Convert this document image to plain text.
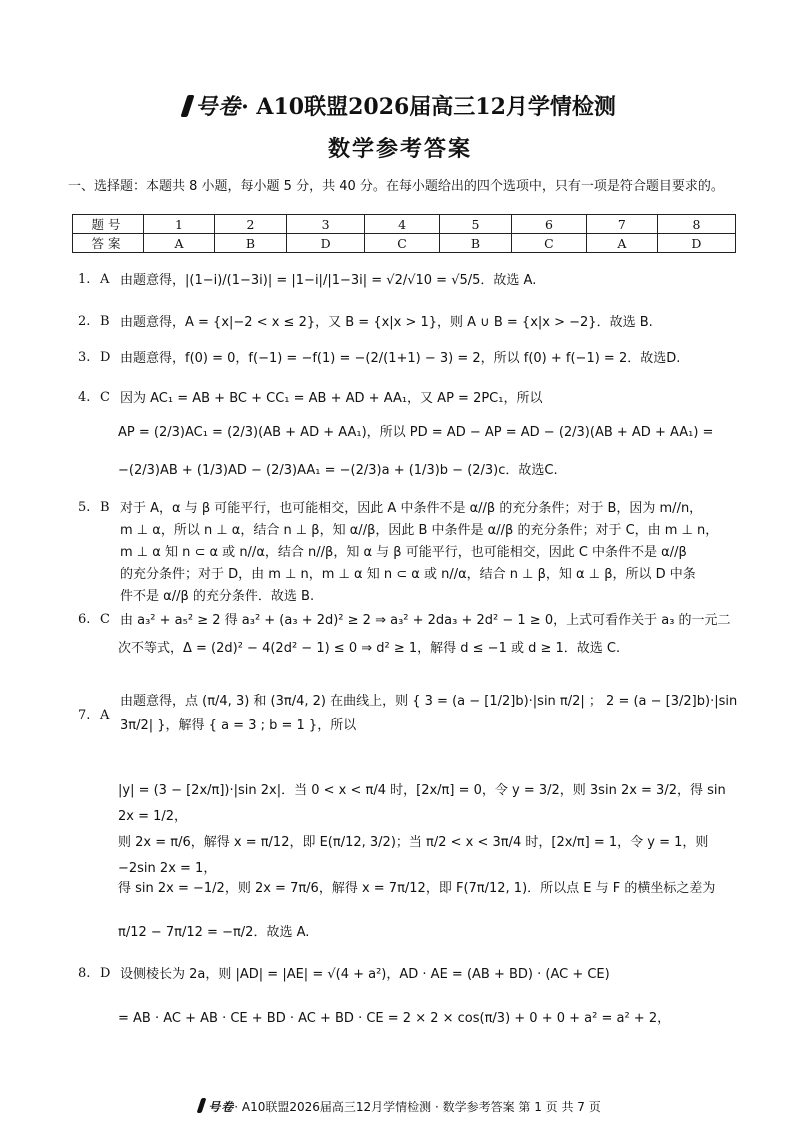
号卷· A10联盟2026届高三12月学情检测
数学参考答案
一、选择题：本题共 8 小题，每小题 5 分，共 40 分。在每小题给出的四个选项中，只有一项是符合题目要求的。
题号	1	2	3	4	5	6	7	8
答案	A	B	D	C	B	C	A	D
1. A 由题意得，|(1−i)/(1−3i)| = |1−i|/|1−3i| = √2/√10 = √5/5．故选 A.
2. B 由题意得，A = {x|−2 < x ≤ 2}，又 B = {x|x > 1}，则 A ∪ B = {x|x > −2}．故选 B.
3. D 由题意得，f(0) = 0，f(−1) = −f(1) = −(2/(1+1) − 3) = 2，所以 f(0) + f(−1) = 2．故选D.
4. C 因为 AC₁ = AB + BC + CC₁ = AB + AD + AA₁，又 AP = 2PC₁，所以
AP = (2/3)AC₁ = (2/3)(AB + AD + AA₁)，所以 PD = AD − AP = AD − (2/3)(AB + AD + AA₁) =
−(2/3)AB + (1/3)AD − (2/3)AA₁ = −(2/3)a + (1/3)b − (2/3)c．故选C.
5. B 对于 A，α 与 β 可能平行，也可能相交，因此 A 中条件不是 α//β 的充分条件；对于 B，因为 m//n，
m ⊥ α，所以 n ⊥ α，结合 n ⊥ β，知 α//β，因此 B 中条件是 α//β 的充分条件；对于 C，由 m ⊥ n，
m ⊥ α 知 n ⊂ α 或 n//α，结合 n//β，知 α 与 β 可能平行，也可能相交，因此 C 中条件不是 α//β
的充分条件；对于 D，由 m ⊥ n，m ⊥ α 知 n ⊂ α 或 n//α，结合 n ⊥ β，知 α ⊥ β，所以 D 中条
件不是 α//β 的充分条件．故选 B.
6. C 由 a₃² + a₅² ≥ 2 得 a₃² + (a₃ + 2d)² ≥ 2 ⇒ a₃² + 2da₃ + 2d² − 1 ≥ 0，上式可看作关于 a₃ 的一元二
次不等式，Δ = (2d)² − 4(2d² − 1) ≤ 0 ⇒ d² ≥ 1，解得 d ≤ −1 或 d ≥ 1．故选 C.
7. A
由题意得，点 (π/4, 3) 和 (3π/4, 2) 在曲线上，则 { 3 = (a − [1/2]b)·|sin π/2| ； 2 = (a − [3/2]b)·|sin 3π/2| }，解得 { a = 3 ; b = 1 }，所以
|y| = (3 − [2x/π])·|sin 2x|．当 0 < x < π/4 时，[2x/π] = 0，令 y = 3/2，则 3sin 2x = 3/2，得 sin 2x = 1/2，
则 2x = π/6，解得 x = π/12，即 E(π/12, 3/2)；当 π/2 < x < 3π/4 时，[2x/π] = 1，令 y = 1，则 −2sin 2x = 1，
得 sin 2x = −1/2，则 2x = 7π/6，解得 x = 7π/12，即 F(7π/12, 1)．所以点 E 与 F 的横坐标之差为
π/12 − 7π/12 = −π/2．故选 A.
8. D 设侧棱长为 2a，则 |AD| = |AE| = √(4 + a²)，AD · AE = (AB + BD) · (AC + CE)
= AB · AC + AB · CE + BD · AC + BD · CE = 2 × 2 × cos(π/3) + 0 + 0 + a² = a² + 2，
号卷· A10联盟2026届高三12月学情检测 · 数学参考答案 第 1 页 共 7 页
